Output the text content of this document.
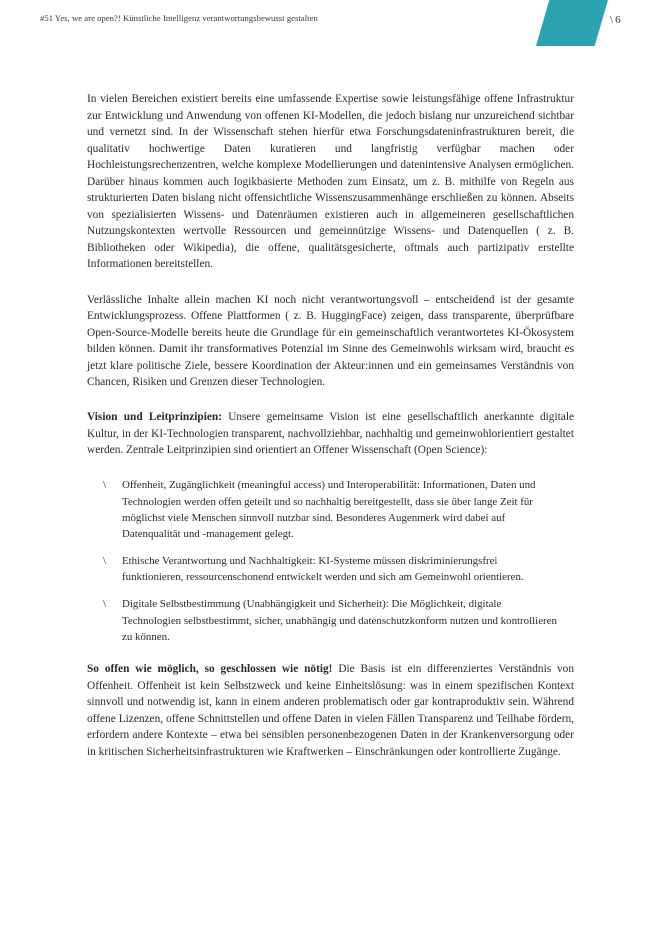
#51 Yes, we are open?! Künstliche Intelligenz verantwortungsbewusst gestalten	\ 6

In vielen Bereichen existiert bereits eine umfassende Expertise sowie leistungsfähige offene Infrastruktur zur Entwicklung und Anwendung von offenen KI-Modellen, die jedoch bislang nur unzureichend sichtbar und vernetzt sind. In der Wissenschaft stehen hierfür etwa Forschungsdateninfrastrukturen bereit, die qualitativ hochwertige Daten kuratieren und langfristig verfügbar machen oder Hochleistungsrechenzentren, welche komplexe Modellierungen und datenintensive Analysen ermöglichen. Darüber hinaus kommen auch logikbasierte Methoden zum Einsatz, um z. B. mithilfe von Regeln aus strukturierten Daten bislang nicht offensichtliche Wissenszusammenhänge erschließen zu können. Abseits von spezialisierten Wissens- und Datenräumen existieren auch in allgemeineren gesellschaftlichen Nutzungskontexten wertvolle Ressourcen und gemeinnützige Wissens- und Datenquellen ( z. B. Bibliotheken oder Wikipedia), die offene, qualitätsgesicherte, oftmals auch partizipativ erstellte Informationen bereitstellen.

Verlässliche Inhalte allein machen KI noch nicht verantwortungsvoll – entscheidend ist der gesamte Entwicklungsprozess. Offene Plattformen ( z. B. HuggingFace) zeigen, dass transparente, überprüfbare Open-Source-Modelle bereits heute die Grundlage für ein gemeinschaftlich verantwortetes KI-Ökosystem bilden können. Damit ihr transformatives Potenzial im Sinne des Gemeinwohls wirksam wird, braucht es jetzt klare politische Ziele, bessere Koordination der Akteur:innen und ein gemeinsames Verständnis von Chancen, Risiken und Grenzen dieser Technologien.

Vision und Leitprinzipien: Unsere gemeinsame Vision ist eine gesellschaftlich anerkannte digitale Kultur, in der KI-Technologien transparent, nachvollziehbar, nachhaltig und gemeinwohlorientiert gestaltet werden. Zentrale Leitprinzipien sind orientiert an Offener Wissenschaft (Open Science):

\ Offenheit, Zugänglichkeit (meaningful access) und Interoperabilität: Informationen, Daten und Technologien werden offen geteilt und so nachhaltig bereitgestellt, dass sie über lange Zeit für möglichst viele Menschen sinnvoll nutzbar sind. Besonderes Augenmerk wird dabei auf Datenqualität und -management gelegt.
\ Ethische Verantwortung und Nachhaltigkeit: KI-Systeme müssen diskriminierungsfrei funktionieren, ressourcenschonend entwickelt werden und sich am Gemeinwohl orientieren.
\ Digitale Selbstbestimmung (Unabhängigkeit und Sicherheit): Die Möglichkeit, digitale Technologien selbstbestimmt, sicher, unabhängig und datenschutzkonform nutzen und kontrollieren zu können.

So offen wie möglich, so geschlossen wie nötig! Die Basis ist ein differenziertes Verständnis von Offenheit. Offenheit ist kein Selbstzweck und keine Einheitslösung: was in einem spezifischen Kontext sinnvoll und notwendig ist, kann in einem anderen problematisch oder gar kontraproduktiv sein. Während offene Lizenzen, offene Schnittstellen und offene Daten in vielen Fällen Transparenz und Teilhabe fördern, erfordern andere Kontexte – etwa bei sensiblen personenbezogenen Daten in der Krankenversorgung oder in kritischen Sicherheitsinfrastrukturen wie Kraftwerken – Einschränkungen oder kontrollierte Zugänge.
